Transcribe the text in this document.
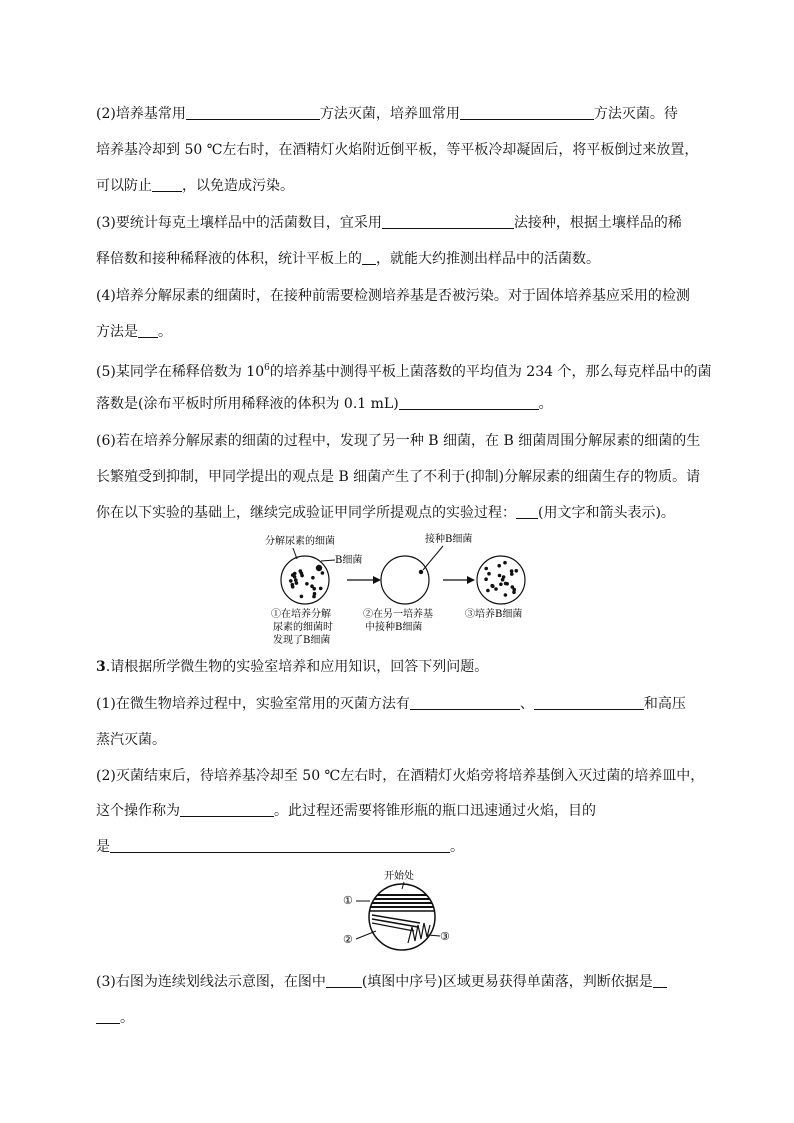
(2)培养基常用	方法灭菌，培养皿常用	方法灭菌。待
培养基冷却到 50 ℃左右时，在酒精灯火焰附近倒平板，等平板冷却凝固后，将平板倒过来放置，
可以防止 ，以免造成污染。
(3)要统计每克土壤样品中的活菌数目，宜采用	法接种，根据土壤样品的稀
释倍数和接种稀释液的体积，统计平板上的 ，就能大约推测出样品中的活菌数。
(4)培养分解尿素的细菌时，在接种前需要检测培养基是否被污染。对于固体培养基应采用的检测
方法是 。
(5)某同学在稀释倍数为 $10^6$的培养基中测得平板上菌落数的平均值为 234 个，那么每克样品中的菌
落数是(涂布平板时所用稀释液的体积为 0.1 mL)	。
(6)若在培养分解尿素的细菌的过程中，发现了另一种 B 细菌，在 B 细菌周围分解尿素的细菌的生
长繁殖受到抑制，甲同学提出的观点是 B 细菌产生了不利于(抑制)分解尿素的细菌生存的物质。请
你在以下实验的基础上，继续完成验证甲同学所提观点的实验过程： (用文字和箭头表示)。
分解尿素的细菌
B细菌
接种B细菌
①在培养分解
尿素的细菌时
发现了B细菌
②在另一培养基
中接种B细菌
③培养B细菌
3.请根据所学微生物的实验室培养和应用知识，回答下列问题。
(1)在微生物培养过程中，实验室常用的灭菌方法有	、	和高压
蒸汽灭菌。
(2)灭菌结束后，待培养基冷却至 50 ℃左右时，在酒精灯火焰旁将培养基倒入灭过菌的培养皿中，
这个操作称为	。此过程还需要将锥形瓶的瓶口迅速通过火焰，目的
是	。
开始处
①
②	③
(3)右图为连续划线法示意图，在图中	(填图中序号)区域更易获得单菌落，判断依据是
。
